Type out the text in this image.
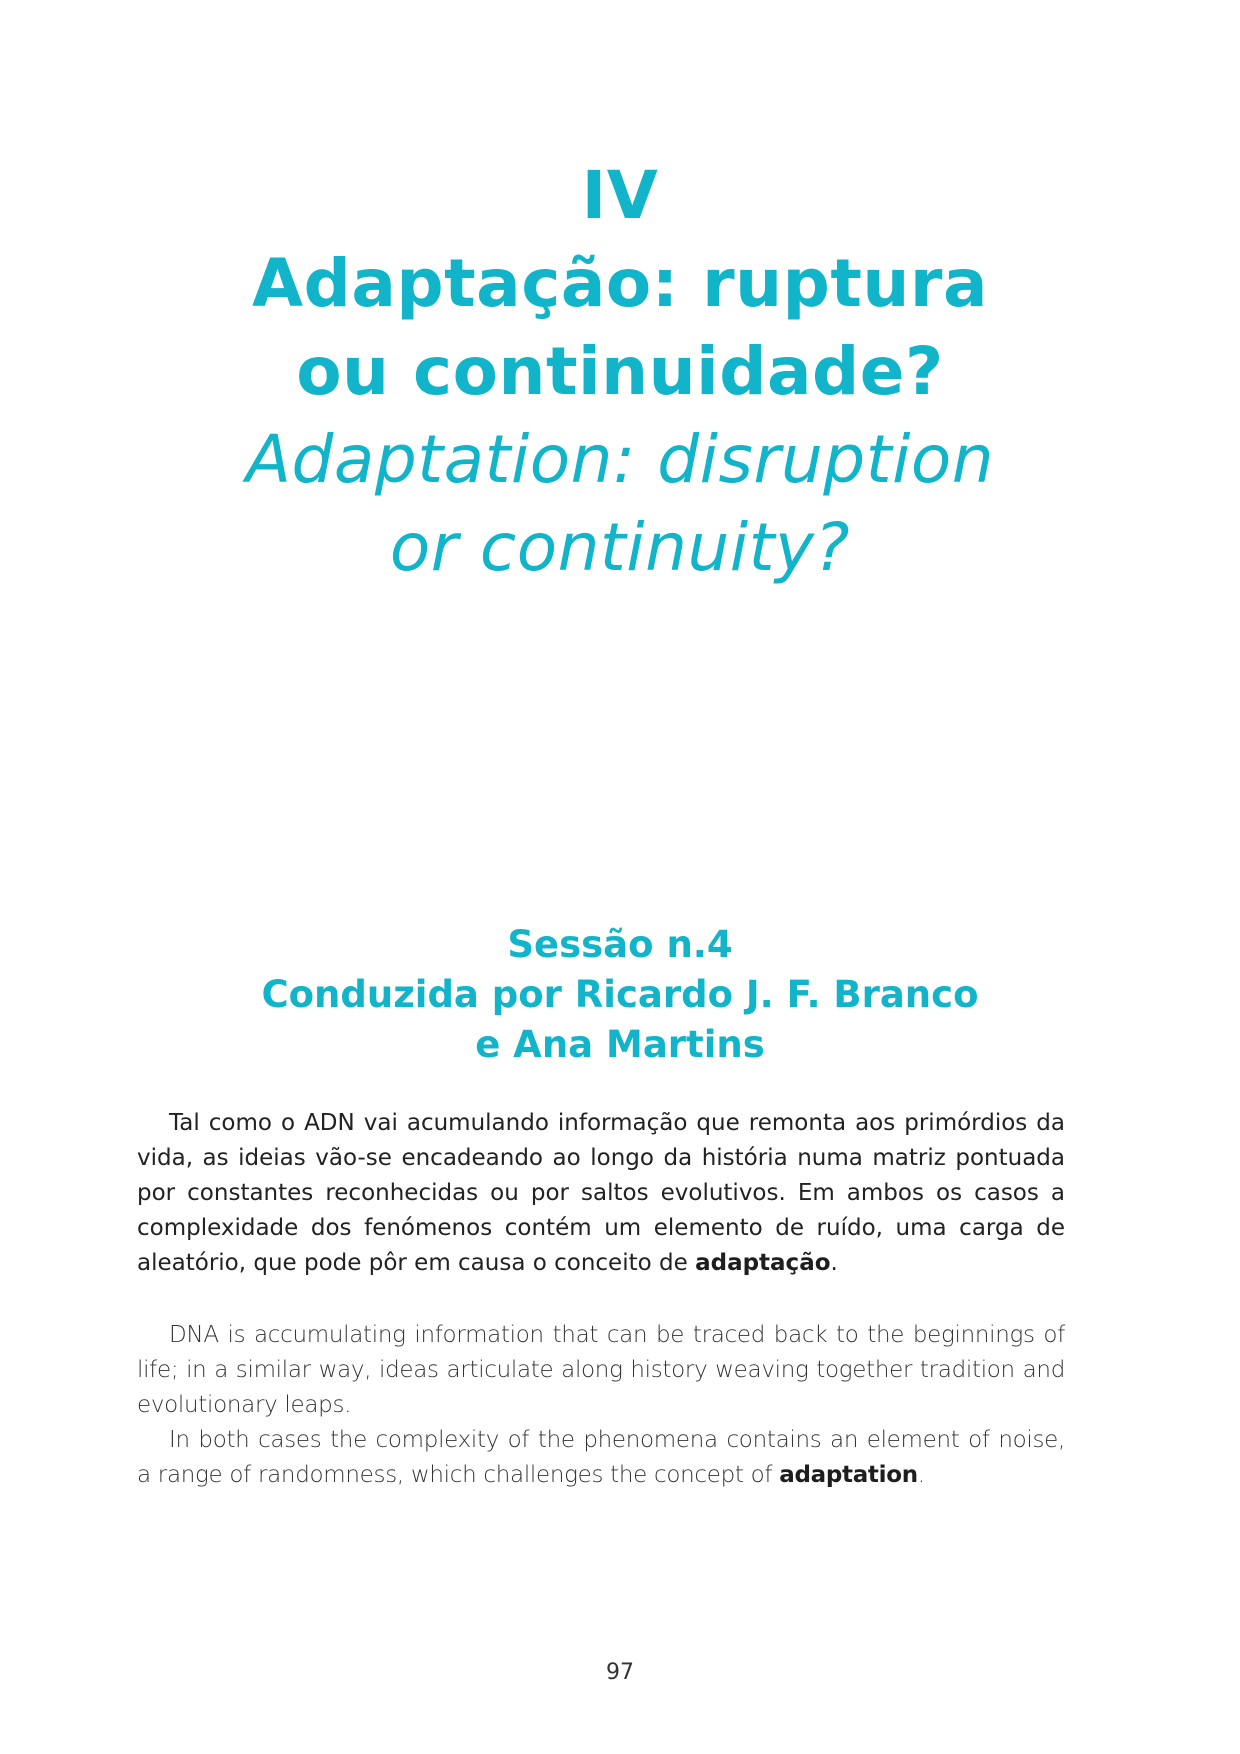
IV
Adaptação: ruptura
ou continuidade?
Adaptation: disruption
or continuity?
Sessão n.4
Conduzida por Ricardo J. F. Branco
e Ana Martins

Tal como o ADN vai acumulando informação que remonta aos primórdios da vida, as ideias vão-se encadeando ao longo da história numa matriz pontuada por constantes reconhecidas ou por saltos evolutivos. Em ambos os casos a complexidade dos fenómenos contém um elemento de ruído, uma carga de aleatório, que pode pôr em causa o conceito de adaptação.

DNA is accumulating information that can be traced back to the beginnings of life; in a similar way, ideas articulate along history weaving together tradition and evolutionary leaps.

In both cases the complexity of the phenomena contains an element of noise, a range of randomness, which challenges the concept of adaptation.

97
